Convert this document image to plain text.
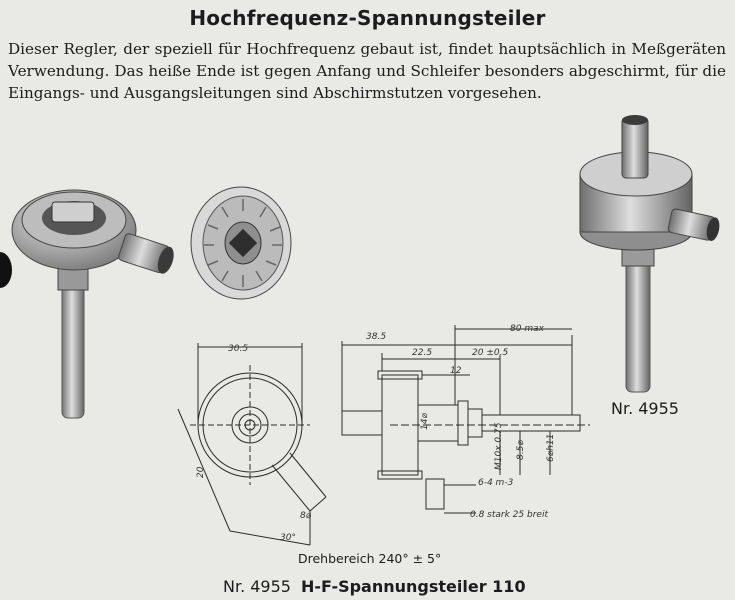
Hochfrequenz-Spannungsteiler
Dieser Regler, der speziell für Hochfrequenz gebaut ist, findet hauptsächlich in Meßgeräten Verwendung. Das heiße Ende ist gegen Anfang und Schleifer besonders abgeschirmt, für die Eingangs- und Ausgangsleitungen sind Abschirmstutzen vorgesehen.
Nr. 4955
30.5
38.5
80 max
22.5	20 ±0.5
12
14⌀
M10x 0.75 8.5⌀ 6⌀h11
6-4 m-3
0.8 stark 25 breit
8⌀
30°
20
Drehbereich 240° ± 5°
Nr. 4955 H-F-Spannungsteiler 110
